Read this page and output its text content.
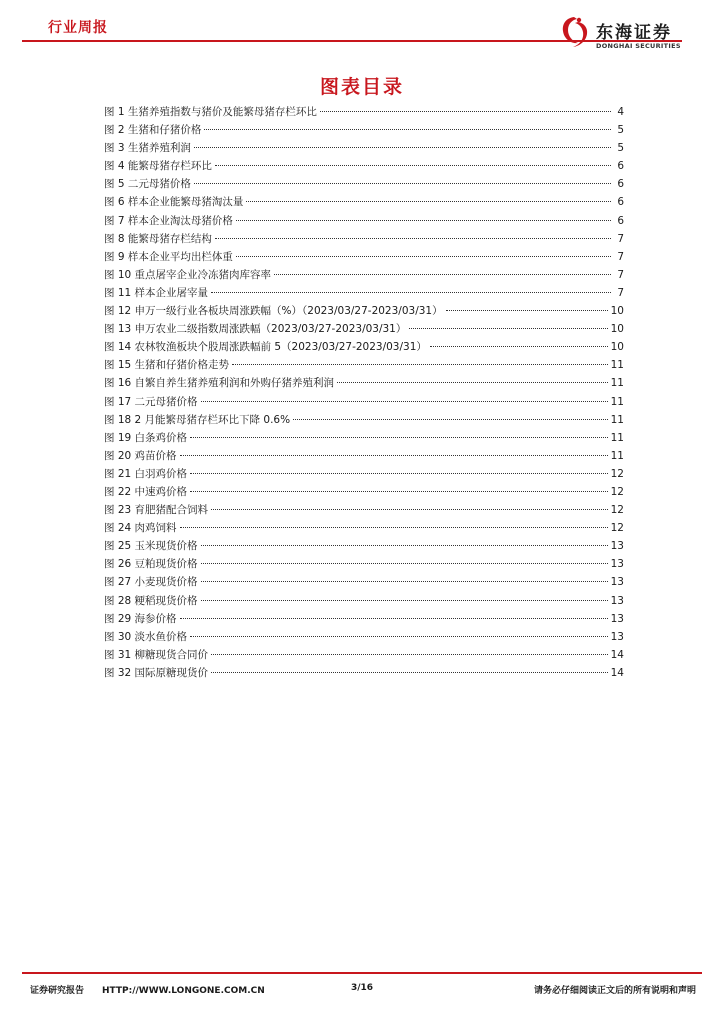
行业周报	东海证券
DONGHAI SECURITIES
图表目录
图 1 生猪养殖指数与猪价及能繁母猪存栏环比	4
图 2 生猪和仔猪价格	5
图 3 生猪养殖利润	5
图 4 能繁母猪存栏环比	6
图 5 二元母猪价格	6
图 6 样本企业能繁母猪淘汰量	6
图 7 样本企业淘汰母猪价格	6
图 8 能繁母猪存栏结构	7
图 9 样本企业平均出栏体重	7
图 10 重点屠宰企业冷冻猪肉库容率	7
图 11 样本企业屠宰量	7
图 12 申万一级行业各板块周涨跌幅（%）（2023/03/27-2023/03/31）	10
图 13 申万农业二级指数周涨跌幅（2023/03/27-2023/03/31）	10
图 14 农林牧渔板块个股周涨跌幅前 5（2023/03/27-2023/03/31）	10
图 15 生猪和仔猪价格走势	11
图 16 自繁自养生猪养殖利润和外购仔猪养殖利润	11
图 17 二元母猪价格	11
图 18 2 月能繁母猪存栏环比下降 0.6%	11
图 19 白条鸡价格	11
图 20 鸡苗价格	11
图 21 白羽鸡价格	12
图 22 中速鸡价格	12
图 23 育肥猪配合饲料	12
图 24 肉鸡饲料	12
图 25 玉米现货价格	13
图 26 豆粕现货价格	13
图 27 小麦现货价格	13
图 28 粳稻现货价格	13
图 29 海参价格	13
图 30 淡水鱼价格	13
图 31 柳糖现货合同价	14
图 32 国际原糖现货价	14
证券研究报告 HTTP://WWW.LONGONE.COM.CN	3/16	请务必仔细阅读正文后的所有说明和声明
